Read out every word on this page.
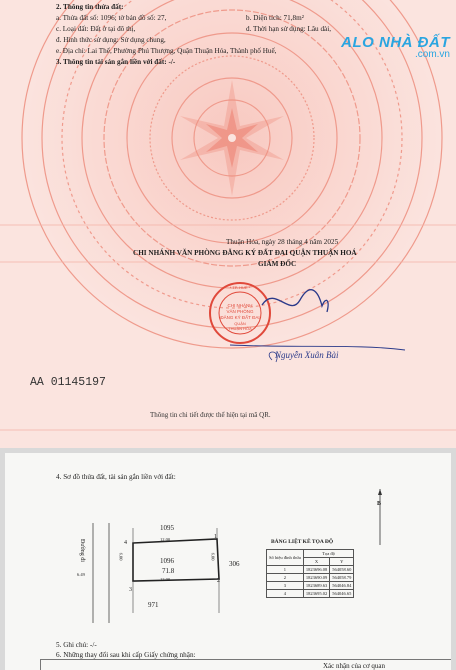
CHI NHÁNH
VĂN PHÒNG
ĐĂNG KÝ ĐẤT ĐAI
QUẬN
THUẬN HÓA
* TP. HUẾ *
2. Thông tin thửa đất:
a. Thửa đất số: 1096; tờ bản đồ số: 27,	b. Diện tích: 71,8m²
c. Loại đất: Đất ở tại đô thị,	d. Thời hạn sử dụng: Lâu dài,
đ. Hình thức sử dụng: Sử dụng chung,
e. Địa chỉ: Lai Thế, Phường Phú Thượng, Quận Thuận Hóa, Thành phố Huế,
3. Thông tin tài sản gắn liền với đất: -/-
ALO NHÀ ĐẤT
.com.vn
Thuận Hóa, ngày 28 tháng 4 năm 2025
CHI NHÁNH VĂN PHÒNG ĐĂNG KÝ ĐẤT ĐAI QUẬN THUẬN HOÁ
GIÁM ĐỐC
Nguyễn Xuân Bài
AA 01145197
Thông tin chi tiết được thể hiện tại mã QR.
4. Sơ đồ thửa đất, tài sản gắn liền với đất:
B
1095
306
971
1096
71.8
12.00
12.00
6.00	6.00
6.49
Đường đi	4
1
2
3
BẢNG LIỆT KÊ TỌA ĐỘ
Số hiệu đỉnh thửa	Tọa độ	
	X	Y
1	1823696.08	564058.60
2	1823690.09	564058.79
3	1823689.63	564046.84
4	1823695.02	564046.65
5. Ghi chú: -/-
6. Những thay đổi sau khi cấp Giấy chứng nhận:
Xác nhận của cơ quan
